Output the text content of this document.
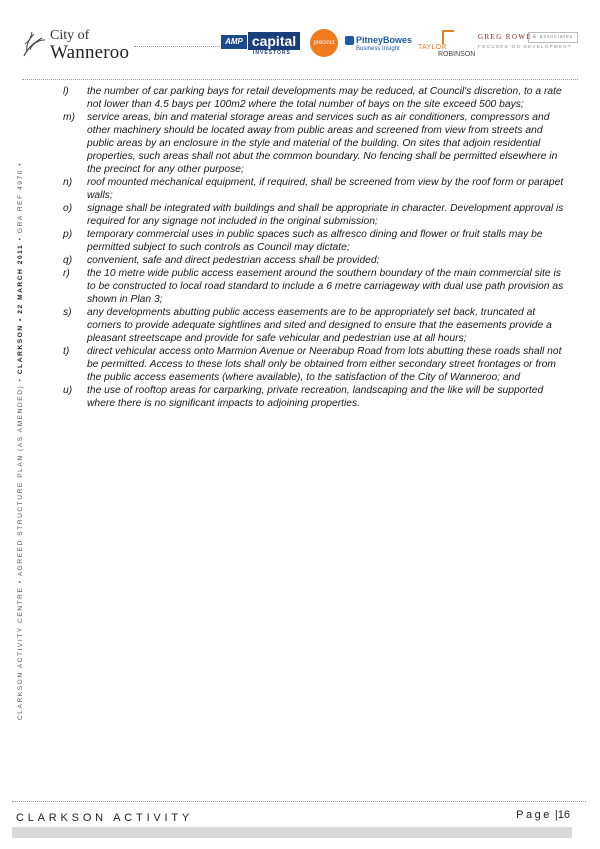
City of
Wanneroo
AMP capital
INVESTORS
precinct	PitneyBowes
Business Insight	TAYLOR
ROBINSON
GREG ROWE & associates
FOCUSED ON DEVELOPMENT
CLARKSON ACTIVITY CENTRE • AGREED STRUCTURE PLAN (AS AMENDED) • CLARKSON • 22 MARCH 2011 • GRA REF 4970 •
l)	the number of car parking bays for retail developments may be reduced, at Council's discretion, to a rate not lower than 4.5 bays per 100m2 where the total number of bays on the site exceed 500 bays;
m)	service areas, bin and material storage areas and services such as air conditioners, compressors and other machinery should be located away from public areas and screened from view from streets and public areas by an enclosure in the style and material of the building. On sites that adjoin residential properties, such areas shall not abut the common boundary. No fencing shall be permitted elsewhere in the precinct for any other purpose;
n)	roof mounted mechanical equipment, if required, shall be screened from view by the roof form or parapet walls;
o)	signage shall be integrated with buildings and shall be appropriate in character. Development approval is required for any signage not included in the original submission;
p)	temporary commercial uses in public spaces such as alfresco dining and flower or fruit stalls may be permitted subject to such controls as Council may dictate;
q)	convenient, safe and direct pedestrian access shall be provided;
r)	the 10 metre wide public access easement around the southern boundary of the main commercial site is to be constructed to local road standard to include a 6 metre carriageway with dual use path provision as shown in Plan 3;
s)	any developments abutting public access easements are to be appropriately set back, truncated at corners to provide adequate sightlines and sited and designed to ensure that the easements provide a pleasant streetscape and provide for safe vehicular and pedestrian use at all hours;
t)	direct vehicular access onto Marmion Avenue or Neerabup Road from lots abutting these roads shall not be permitted. Access to these lots shall only be obtained from either secondary street frontages or from the public access easements (where available), to the satisfaction of the City of Wanneroo; and
u)	the use of rooftop areas for carparking, private recreation, landscaping and the like will be supported where there is no significant impacts to adjoining properties.
CLARKSON ACTIVITY	Page |16
